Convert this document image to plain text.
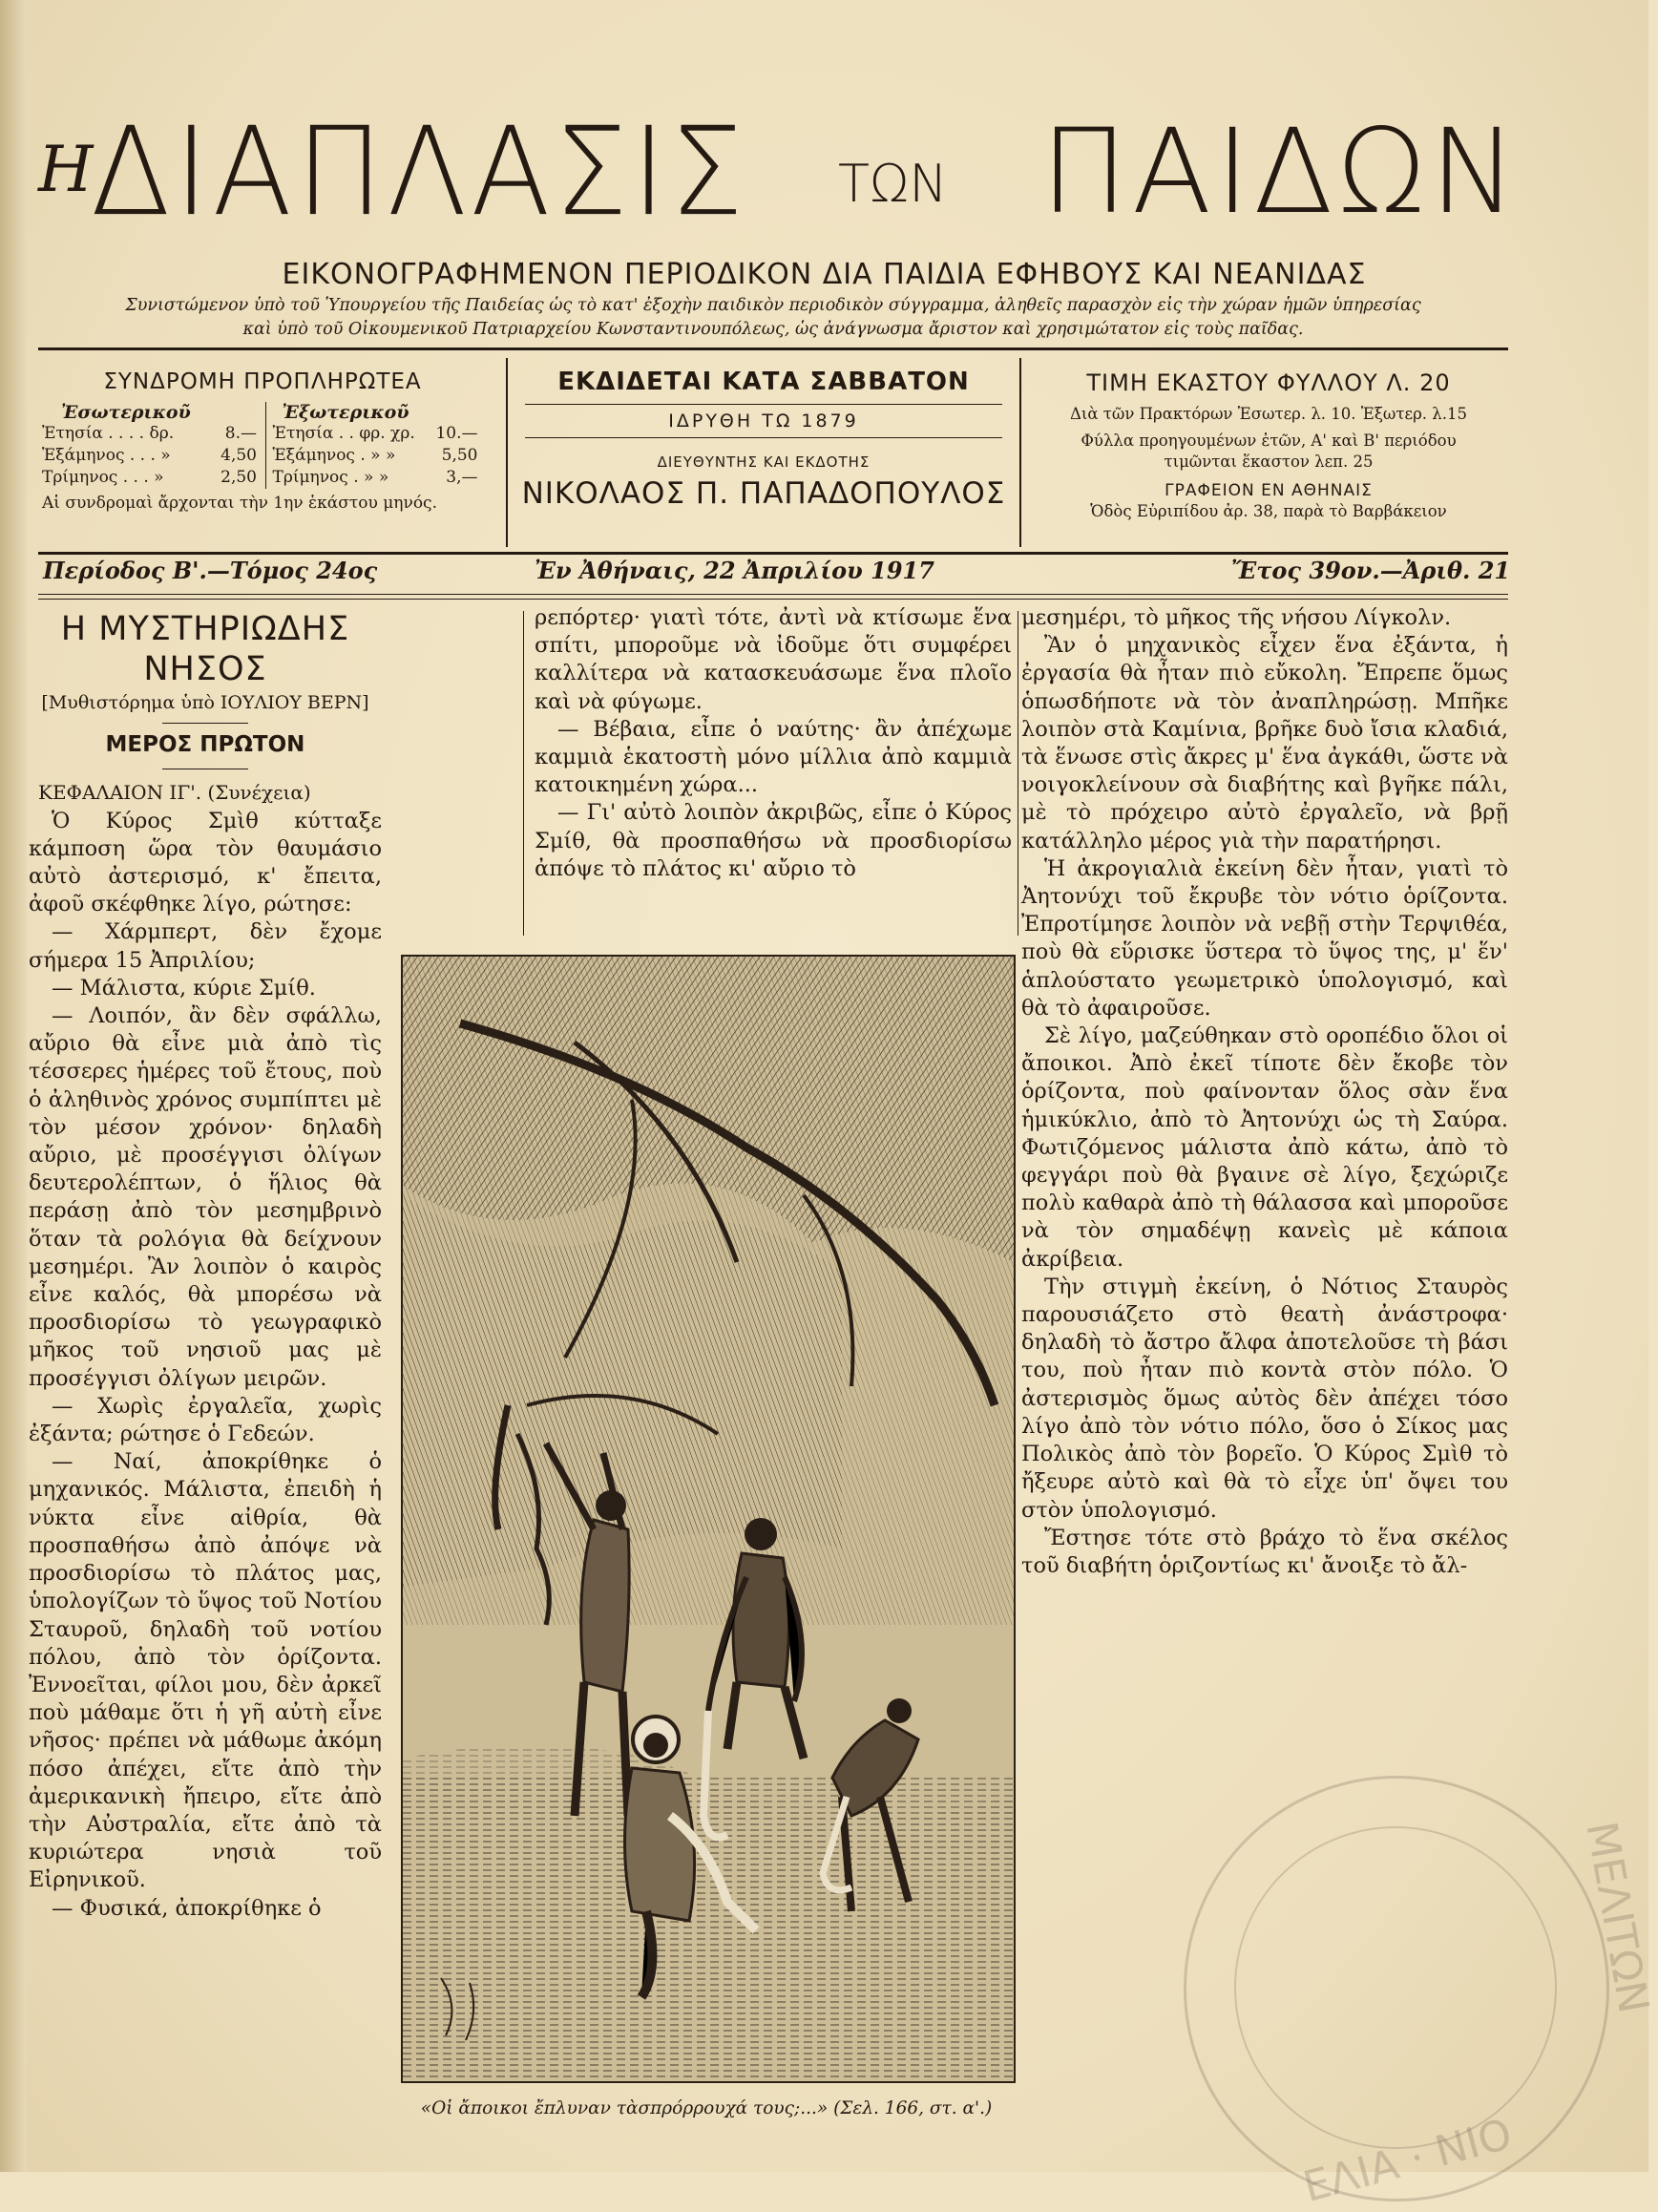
Η
ΔΙΑΠΛΑΣΙΣ ΤΩΝ ΠΑΙΔΩΝ
ΕΙΚΟΝΟΓΡΑΦΗΜΕΝΟΝ ΠΕΡΙΟΔΙΚΟΝ ΔΙΑ ΠΑΙΔΙΑ ΕΦΗΒΟΥΣ ΚΑΙ ΝΕΑΝΙΔΑΣ
Συνιστώμενον ὑπὸ τοῦ Ὑπουργείου τῆς Παιδείας ὡς τὸ κατ' ἐξοχὴν παιδικὸν περιοδικὸν σύγγραμμα, ἀληθεῖς παρασχὸν εἰς τὴν χώραν ἡμῶν ὑπηρεσίας
καὶ ὑπὸ τοῦ Οἰκουμενικοῦ Πατριαρχείου Κωνσταντινουπόλεως, ὡς ἀνάγνωσμα ἄριστον καὶ χρησιμώτατον εἰς τοὺς παῖδας.
ΣΥΝΔΡΟΜΗ ΠΡΟΠΛΗΡΩΤΕΑ
Ἐσωτερικοῦ
Ἐτησία . . . . δρ.	8.—
Ἑξάμηνος . . . »	4,50
Τρίμηνος . . . »	2,50
Ἐξωτερικοῦ
Ἐτησία . . φρ. χρ. 10.—
Ἑξάμηνος . » »	5,50
Τρίμηνος . » »	3,—
Αἱ συνδρομαὶ ἄρχονται τὴν 1ην ἑκάστου μηνός.
ΕΚΔΙΔΕΤΑΙ ΚΑΤΑ ΣΑΒΒΑΤΟΝ
ΙΔΡΥΘΗ ΤΩ 1879
ΔΙΕΥΘΥΝΤΗΣ ΚΑΙ ΕΚΔΟΤΗΣ
ΝΙΚΟΛΑΟΣ Π. ΠΑΠΑΔΟΠΟΥΛΟΣ
ΤΙΜΗ ΕΚΑΣΤΟΥ ΦΥΛΛΟΥ Λ. 20
Διὰ τῶν Πρακτόρων Ἐσωτερ. λ. 10. Ἐξωτερ. λ.15
Φύλλα προηγουμένων ἐτῶν, Α' καὶ Β' περιόδου
τιμῶνται ἕκαστον λεπ. 25
ΓΡΑΦΕΙΟΝ ΕΝ ΑΘΗΝΑΙΣ
Ὁδὸς Εὐριπίδου ἀρ. 38, παρὰ τὸ Βαρβάκειον
Περίοδος Β'.—Τόμος 24ος	Ἐν Ἀθήναις, 22 Ἀπριλίου 1917	Ἔτος 39ον.—Ἀριθ. 21
Η ΜΥΣΤΗΡΙΩΔΗΣ ΝΗΣΟΣ
[Μυθιστόρημα ὑπὸ ΙΟΥΛΙΟΥ ΒΕΡΝ]
ΜΕΡΟΣ ΠΡΩΤΟΝ
ΚΕΦΑΛΑΙΟΝ ΙΓ'. (Συνέχεια)

Ὁ Κύρος Σμὶθ κύτταξε κάμποση ὥρα τὸν θαυμάσιο αὐτὸ ἀστερισμό, κ' ἔπειτα, ἀφοῦ σκέφθηκε λίγο, ρώτησε:

— Χάρμπερτ, δὲν ἔχομε σήμερα 15 Ἀπριλίου;

— Μάλιστα, κύριε Σμίθ.

— Λοιπόν, ἂν δὲν σφάλλω, αὔριο θὰ εἶνε μιὰ ἀπὸ τὶς τέσσερες ἡμέρες τοῦ ἔτους, ποὺ ὁ ἀληθινὸς χρόνος συμπίπτει μὲ τὸν μέσον χρόνον· δηλαδὴ αὔριο, μὲ προσέγγισι ὀλίγων δευτερολέπτων, ὁ ἥλιος θὰ περάσῃ ἀπὸ τὸν μεσημβρινὸ ὅταν τὰ ρολόγια θὰ δείχνουν μεσημέρι. Ἂν λοιπὸν ὁ καιρὸς εἶνε καλός, θὰ μπορέσω νὰ προσδιορίσω τὸ γεωγραφικὸ μῆκος τοῦ νησιοῦ μας μὲ προσέγγισι ὀλίγων μειρῶν.

— Χωρὶς ἐργαλεῖα, χωρὶς ἐξάντα; ρώτησε ὁ Γεδεών.

— Ναί, ἀποκρίθηκε ὁ μηχανικός. Μάλιστα, ἐπειδὴ ἡ νύκτα εἶνε αἰθρία, θὰ προσπαθήσω ἀπὸ ἀπόψε νὰ προσδιορίσω τὸ πλάτος μας, ὑπολογίζων τὸ ὕψος τοῦ Νοτίου Σταυροῦ, δηλαδὴ τοῦ νοτίου πόλου, ἀπὸ τὸν ὁρίζοντα. Ἐννοεῖται, φίλοι μου, δὲν ἀρκεῖ ποὺ μάθαμε ὅτι ἡ γῆ αὐτὴ εἶνε νῆσος· πρέπει νὰ μάθωμε ἀκόμη πόσο ἀπέχει, εἴτε ἀπὸ τὴν ἀμερικανικὴ ἤπειρο, εἴτε ἀπὸ τὴν Αὐστραλία, εἴτε ἀπὸ τὰ κυριώτερα νησιὰ τοῦ Εἰρηνικοῦ.

— Φυσικά, ἀποκρίθηκε ὁ

ρεπόρτερ· γιατὶ τότε, ἀντὶ νὰ κτίσωμε ἕνα σπίτι, μποροῦμε νὰ ἰδοῦμε ὅτι συμφέρει καλλίτερα νὰ κατασκευάσωμε ἕνα πλοῖο καὶ νὰ φύγωμε.

— Βέβαια, εἶπε ὁ ναύτης· ἂν ἀπέχωμε καμμιὰ ἑκατοστὴ μόνο μίλλια ἀπὸ καμμιὰ κατοικημένη χώρα...

— Γι' αὐτὸ λοιπὸν ἀκριβῶς, εἶπε ὁ Κύρος Σμίθ, θὰ προσπαθήσω νὰ προσδιορίσω ἀπόψε τὸ πλάτος κι' αὔριο τὸ

μεσημέρι, τὸ μῆκος τῆς νήσου Λίγκολν.

Ἂν ὁ μηχανικὸς εἶχεν ἕνα ἐξάντα, ἡ ἐργασία θὰ ἦταν πιὸ εὔκολη. Ἔπρεπε ὅμως ὁπωσδήποτε νὰ τὸν ἀναπληρώσῃ. Μπῆκε λοιπὸν στὰ Καμίνια, βρῆκε δυὸ ἴσια κλαδιά, τὰ ἕνωσε στὶς ἄκρες μ' ἕνα ἀγκάθι, ὥστε νὰ νοιγοκλείνουν σὰ διαβήτης καὶ βγῆκε πάλι, μὲ τὸ πρόχειρο αὐτὸ ἐργαλεῖο, νὰ βρῇ κατάλληλο μέρος γιὰ τὴν παρατήρησι.

Ἡ ἀκρογιαλιὰ ἐκείνη δὲν ἦταν, γιατὶ τὸ Ἀητονύχι τοῦ ἔκρυβε τὸν νότιο ὁρίζοντα. Ἐπροτίμησε λοιπὸν νὰ νεβῇ στὴν Τερψιθέα, ποὺ θὰ εὕρισκε ὕστερα τὸ ὕψος της, μ' ἕν' ἁπλούστατο γεωμετρικὸ ὑπολογισμό, καὶ θὰ τὸ ἀφαιροῦσε.

Σὲ λίγο, μαζεύθηκαν στὸ οροπέδιο ὅλοι οἱ ἄποικοι. Ἀπὸ ἐκεῖ τίποτε δὲν ἔκοβε τὸν ὁρίζοντα, ποὺ φαίνονταν ὅλος σὰν ἕνα ἡμικύκλιο, ἀπὸ τὸ Ἀητονύχι ὡς τὴ Σαύρα. Φωτιζόμενος μάλιστα ἀπὸ κάτω, ἀπὸ τὸ φεγγάρι ποὺ θὰ βγαινε σὲ λίγο, ξεχώριζε πολὺ καθαρὰ ἀπὸ τὴ θάλασσα καὶ μποροῦσε νὰ τὸν σημαδέψῃ κανεὶς μὲ κάποια ἀκρίβεια.

Τὴν στιγμὴ ἐκείνη, ὁ Νότιος Σταυρὸς παρουσιάζετο στὸ θεατὴ ἀνάστροφα· δηλαδὴ τὸ ἄστρο ἄλφα ἀποτελοῦσε τὴ βάσι του, ποὺ ἦταν πιὸ κοντὰ στὸν πόλο. Ὁ ἀστερισμὸς ὅμως αὐτὸς δὲν ἀπέχει τόσο λίγο ἀπὸ τὸν νότιο πόλο, ὅσο ὁ Σίκος μας Πολικὸς ἀπὸ τὸν βορεῖο. Ὁ Κύρος Σμὶθ τὸ ἤξευρε αὐτὸ καὶ θὰ τὸ εἶχε ὑπ' ὄψει του στὸν ὑπολογισμό.

Ἔστησε τότε στὸ βράχο τὸ ἕνα σκέλος τοῦ διαβήτη ὁριζοντίως κι' ἄνοιξε τὸ ἄλ-

«Οἱ ἄποικοι ἔπλυναν τὰσπρόρρουχά τους;...» (Σελ. 166, στ. α'.)
ΜΕΛΙΤΩΝ
ΕΛΙΑ · ΝΙΟ
